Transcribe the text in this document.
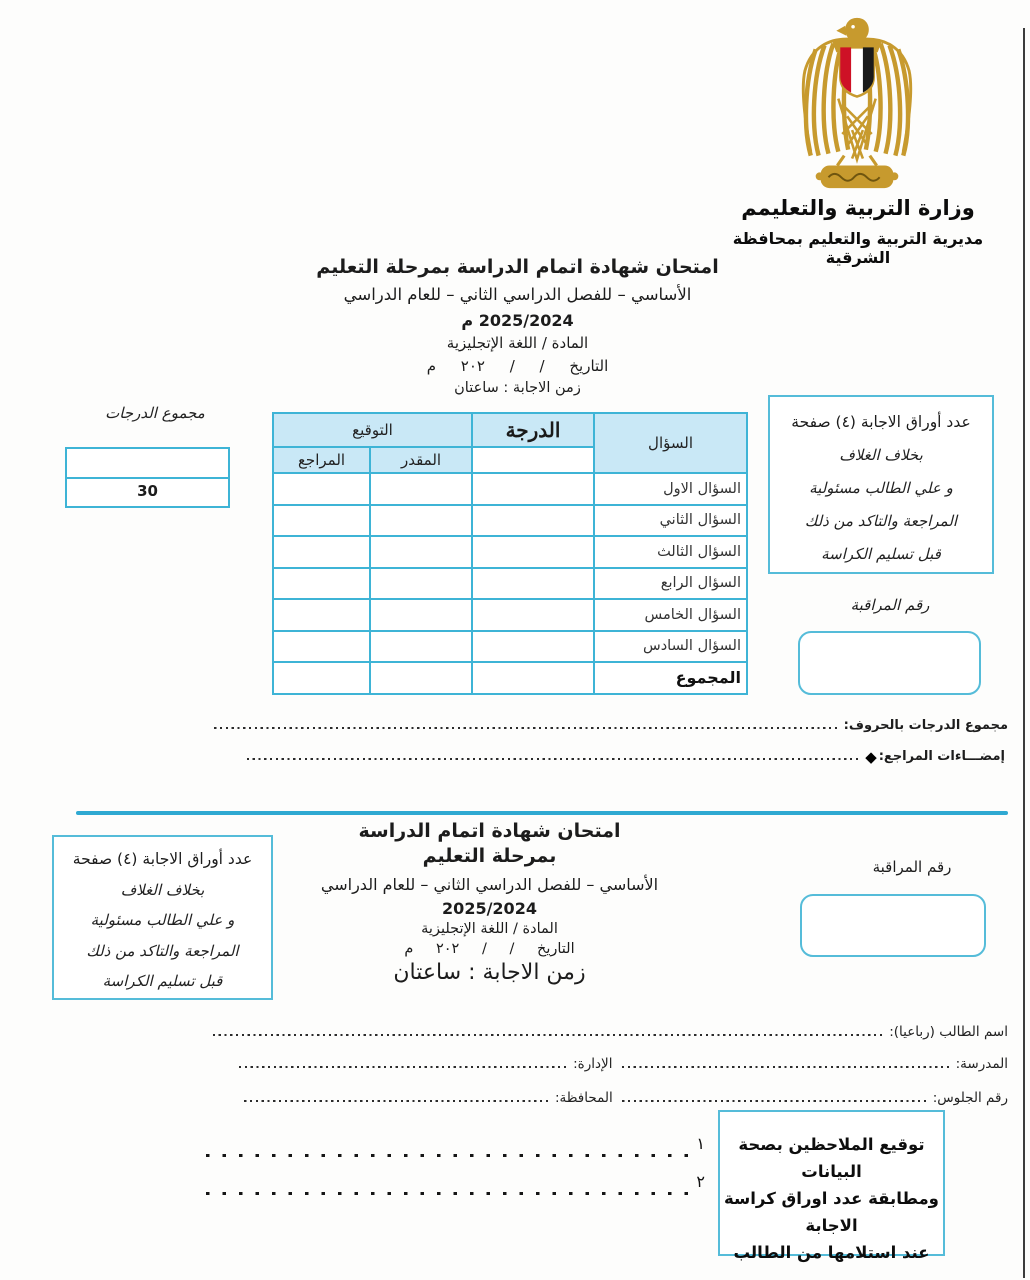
وزارة التربية والتعليمم
مديرية التربية والتعليم بمحافظة الشرقية
امتحان شهادة اتمام الدراسة بمرحلة التعليم
الأساسي – للفصل الدراسي الثاني – للعام الدراسي
2025/2024 م
المادة / اللغة الإتجليزية
التاريخ / / ٢٠٢ م
زمن الاجابة : ساعتان
مجموع الدرجات
30
عدد أوراق الاجابة (٤) صفحة
بخلاف الغلاف
و علي الطالب مسئولية
المراجعة والتاكد من ذلك
قبل تسليم الكراسة
رقم المراقبة
السؤال	الدرجة	التوقيع	
		المقدر	المراجع
السؤال الاول			
السؤال الثاني			
السؤال الثالث			
السؤال الرابع			
السؤال الخامس			
السؤال السادس			
المجموع			
مجموع الدرجات بالحروف:
إمضـــاءات المراجع:
◆
امتحان شهادة اتمام الدراسة
بمرحلة التعليم
الأساسي – للفصل الدراسي الثاني – للعام الدراسي
2025/2024
المادة / اللغة الإتجليزية
التاريخ / / ٢٠٢ م
زمن الاجابة : ساعتان
عدد أوراق الاجابة (٤) صفحة
بخلاف الغلاف
و علي الطالب مسئولية
المراجعة والتاكد من ذلك
قبل تسليم الكراسة
رقم المراقبة
اسم الطالب (رباعيا):
المدرسة:
الإدارة:
رقم الجلوس:
المحافظة:
توقيع الملاحظين بصحة البيانات
ومطابقة عدد اوراق كراسة الاجابة
عند استلامها من الطالب
١
٢
